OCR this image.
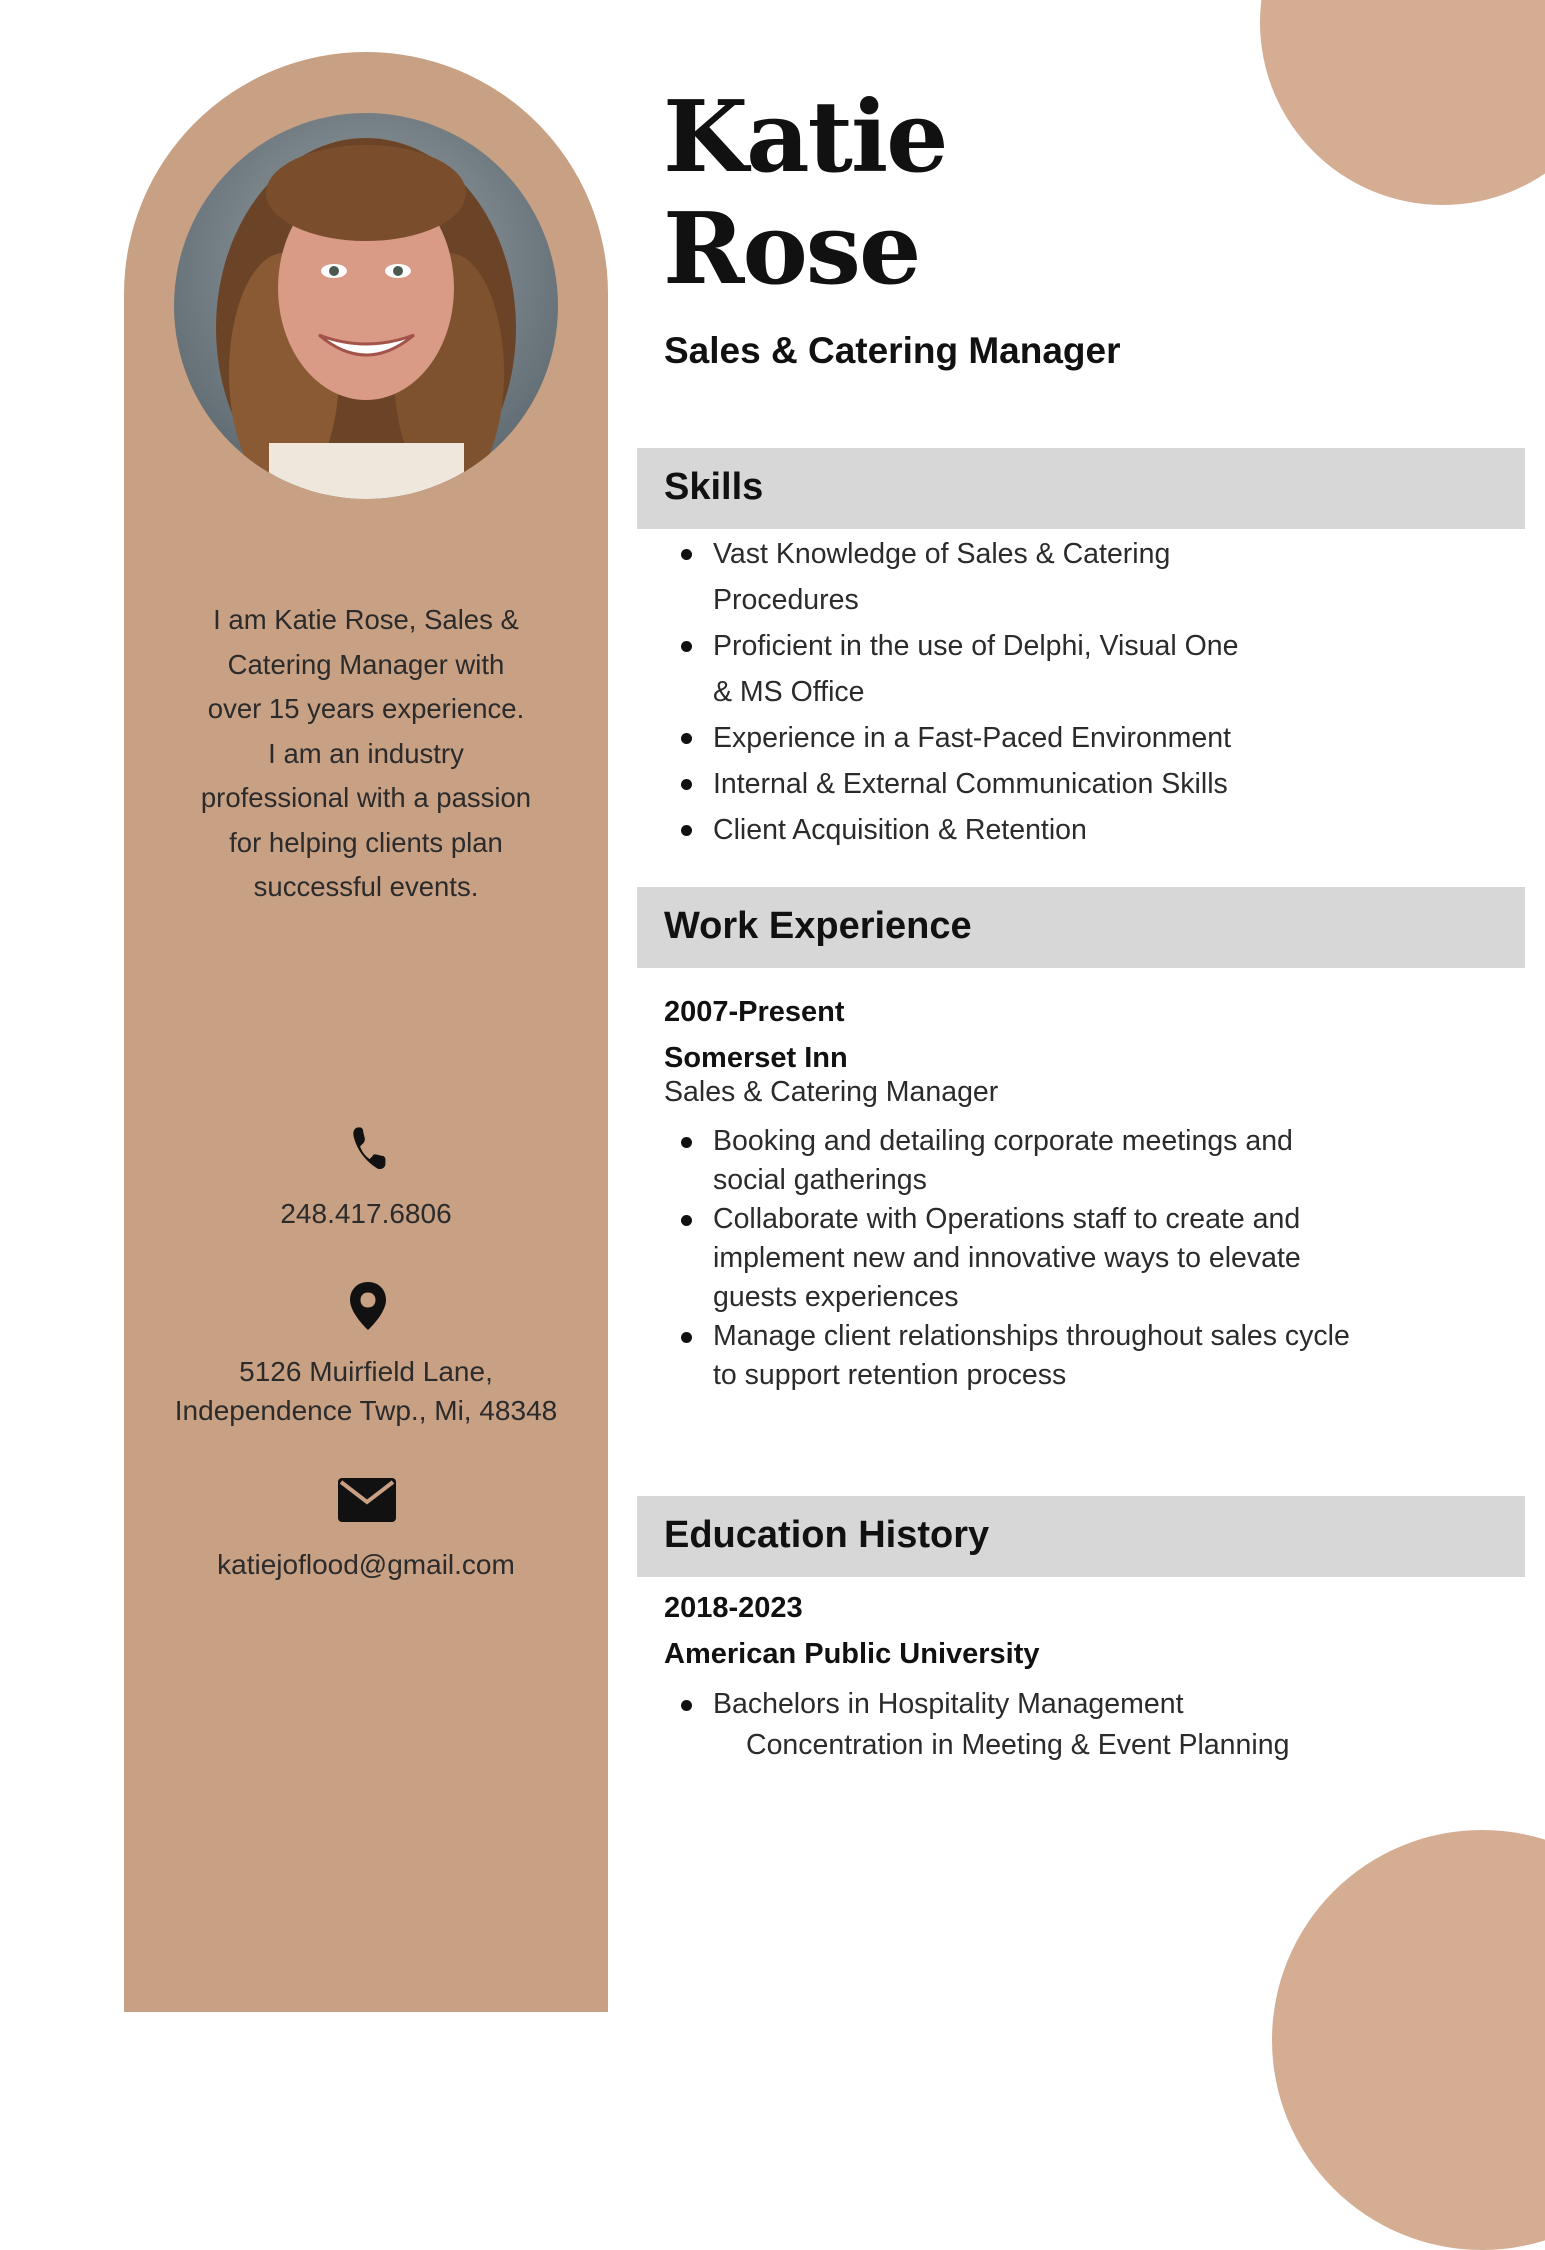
I am Katie Rose, Sales &
Catering Manager with
over 15 years experience.
I am an industry
professional with a passion
for helping clients plan
successful events.
248.417.6806
5126 Muirfield Lane,
Independence Twp., Mi, 48348
katiejoflood@gmail.com
Katie
Rose
Sales & Catering Manager
Skills
Vast Knowledge of Sales & Catering
Procedures
Proficient in the use of Delphi, Visual One
& MS Office
Experience in a Fast-Paced Environment
Internal & External Communication Skills
Client Acquisition & Retention
Work Experience
2007-Present
Somerset Inn
Sales & Catering Manager
Booking and detailing corporate meetings and
social gatherings
Collaborate with Operations staff to create and
implement new and innovative ways to elevate
guests experiences
Manage client relationships throughout sales cycle
to support retention process
Education History
2018-2023
American Public University
Bachelors in Hospitality Management
Concentration in Meeting & Event Planning
